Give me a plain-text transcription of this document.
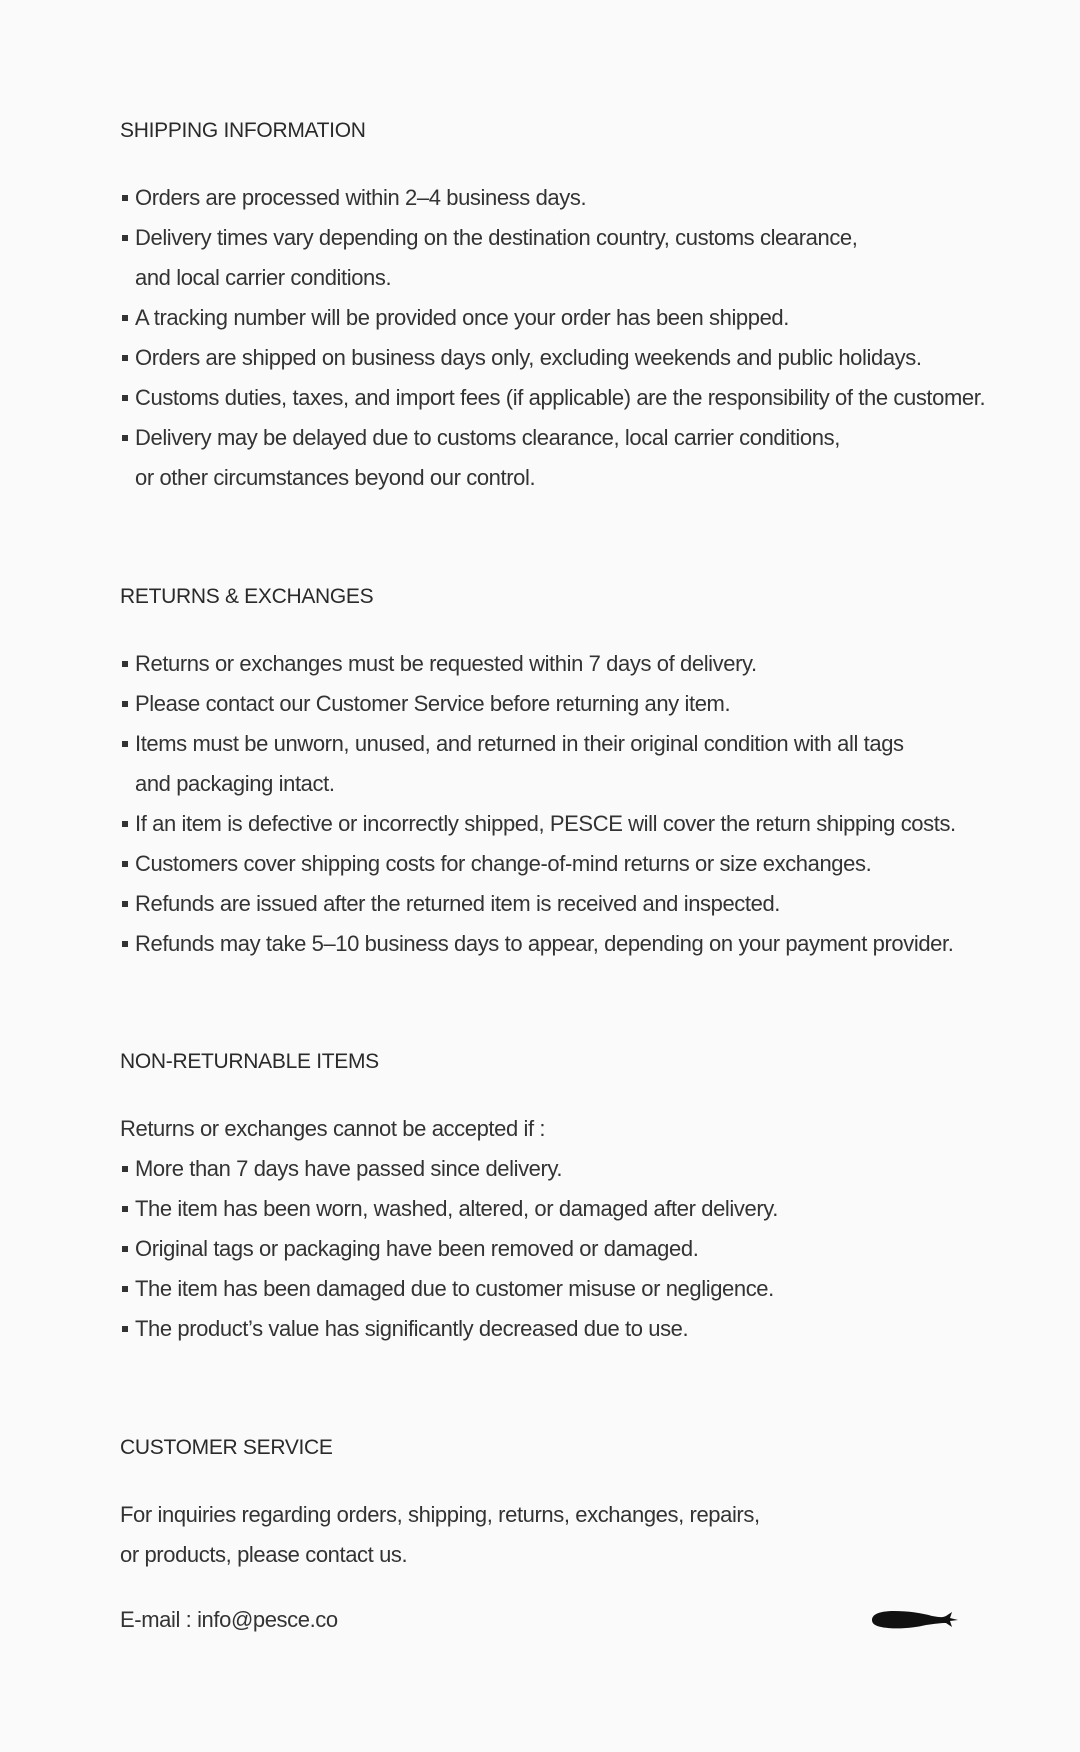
SHIPPING INFORMATION
Orders are processed within 2–4 business days.
Delivery times vary depending on the destination country, customs clearance,
and local carrier conditions.
A tracking number will be provided once your order has been shipped.
Orders are shipped on business days only, excluding weekends and public holidays.
Customs duties, taxes, and import fees (if applicable) are the responsibility of the customer.
Delivery may be delayed due to customs clearance, local carrier conditions,
or other circumstances beyond our control.
RETURNS & EXCHANGES
Returns or exchanges must be requested within 7 days of delivery.
Please contact our Customer Service before returning any item.
Items must be unworn, unused, and returned in their original condition with all tags
and packaging intact.
If an item is defective or incorrectly shipped, PESCE will cover the return shipping costs.
Customers cover shipping costs for change-of-mind returns or size exchanges.
Refunds are issued after the returned item is received and inspected.
Refunds may take 5–10 business days to appear, depending on your payment provider.
NON-RETURNABLE ITEMS

Returns or exchanges cannot be accepted if :

More than 7 days have passed since delivery.
The item has been worn, washed, altered, or damaged after delivery.
Original tags or packaging have been removed or damaged.
The item has been damaged due to customer misuse or negligence.
The product’s value has significantly decreased due to use.
CUSTOMER SERVICE

For inquiries regarding orders, shipping, returns, exchanges, repairs,

or products, please contact us.

E-mail : info@pesce.co
